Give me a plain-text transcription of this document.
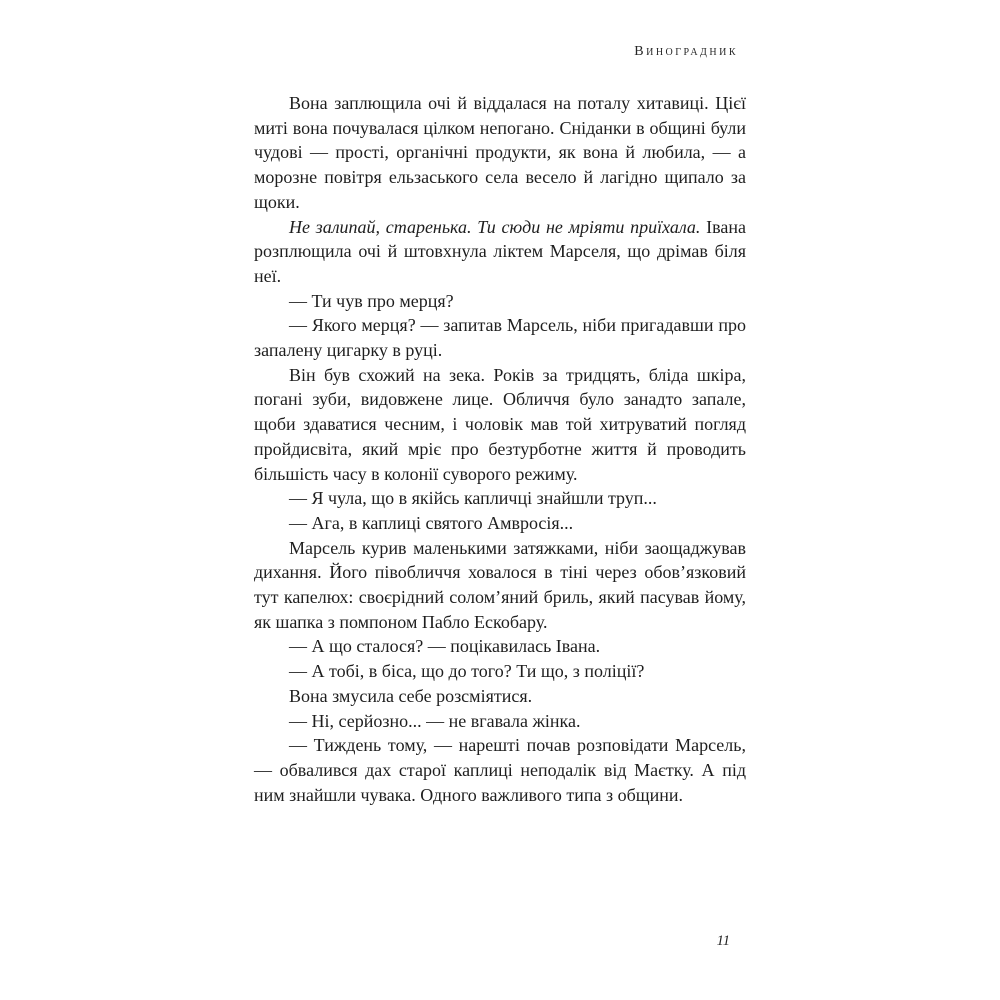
Виноградник

Вона заплющила очі й віддалася на поталу хитавиці. Цієї миті вона почувалася цілком непогано. Сніданки в общині були чудові — прості, органічні продукти, як вона й любила, — а морозне повітря ельзаського села весело й лагідно щипало за щоки.

Не залипай, старенька. Ти сюди не мріяти приїхала. Івана розплющила очі й штовхнула ліктем Марселя, що дрімав біля неї.

— Ти чув про мерця?

— Якого мерця? — запитав Марсель, ніби пригадавши про запалену цигарку в руці.

Він був схожий на зека. Років за тридцять, бліда шкіра, погані зуби, видовжене лице. Обличчя було занадто запале, щоби здаватися чесним, і чоловік мав той хитруватий погляд пройдисвіта, який мріє про безтурботне життя й проводить більшість часу в колонії суворого режиму.

— Я чула, що в якійсь капличці знайшли труп...

— Ага, в каплиці святого Амвросія...

Марсель курив маленькими затяжками, ніби заощаджував дихання. Його півобличчя ховалося в тіні через обов’язковий тут капелюх: своєрідний солом’яний бриль, який пасував йому, як шапка з помпоном Пабло Ескобару.

— А що сталося? — поцікавилась Івана.

— А тобі, в біса, що до того? Ти що, з поліції?

Вона змусила себе розсміятися.

— Ні, серйозно... — не вгавала жінка.

— Тиждень тому, — нарешті почав розповідати Марсель, — обвалився дах старої каплиці неподалік від Маєтку. А під ним знайшли чувака. Одного важливого типа з общини.

11
